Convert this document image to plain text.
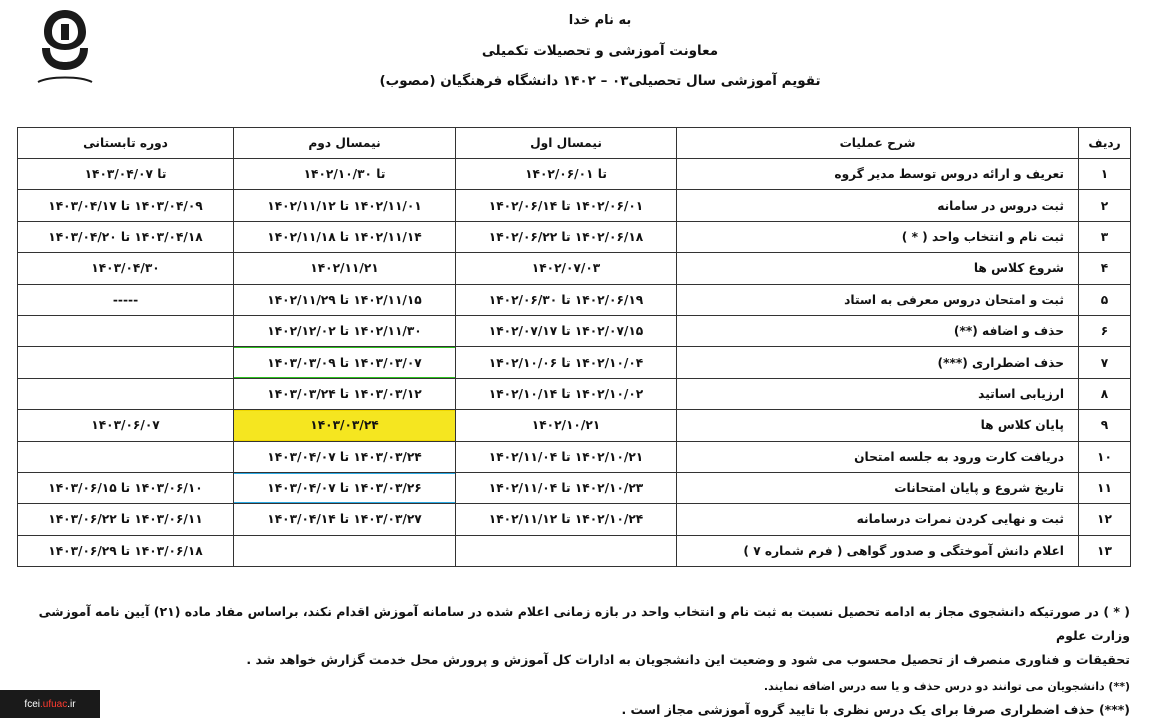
به نام خدا
معاونت آموزشی و تحصیلات تکمیلی
تقویم آموزشی سال تحصیلی۰۳ – ۱۴۰۲ دانشگاه فرهنگیان (مصوب)
ردیف	شرح عملیات	نیمسال اول	نیمسال دوم	دوره تابستانی
۱	تعریف و ارائه دروس توسط مدیر گروه	تا ۱۴۰۲/۰۶/۰۱	تا ۱۴۰۲/۱۰/۳۰	تا ۱۴۰۳/۰۴/۰۷
۲	ثبت دروس در سامانه	۱۴۰۲/۰۶/۰۱ تا ۱۴۰۲/۰۶/۱۴	۱۴۰۲/۱۱/۰۱ تا ۱۴۰۲/۱۱/۱۲	۱۴۰۳/۰۴/۰۹ تا ۱۴۰۳/۰۴/۱۷
۳	ثبت نام و انتخاب واحد ( * )	۱۴۰۲/۰۶/۱۸ تا ۱۴۰۲/۰۶/۲۲	۱۴۰۲/۱۱/۱۴ تا ۱۴۰۲/۱۱/۱۸	۱۴۰۳/۰۴/۱۸ تا ۱۴۰۳/۰۴/۲۰
۴	شروع کلاس ها	۱۴۰۲/۰۷/۰۳	۱۴۰۲/۱۱/۲۱	۱۴۰۳/۰۴/۳۰
۵	ثبت و امتحان دروس معرفی به استاد	۱۴۰۲/۰۶/۱۹ تا ۱۴۰۲/۰۶/۳۰	۱۴۰۲/۱۱/۱۵ تا ۱۴۰۲/۱۱/۲۹	-----
۶	حذف و اضافه (**)	۱۴۰۲/۰۷/۱۵ تا ۱۴۰۲/۰۷/۱۷	۱۴۰۲/۱۱/۳۰ تا ۱۴۰۲/۱۲/۰۲	
۷	حذف اضطراری (***)	۱۴۰۲/۱۰/۰۴ تا ۱۴۰۲/۱۰/۰۶	۱۴۰۳/۰۳/۰۷ تا ۱۴۰۳/۰۳/۰۹

۸	ارزیابی اساتید	۱۴۰۲/۱۰/۰۲ تا ۱۴۰۲/۱۰/۱۴	۱۴۰۳/۰۳/۱۲ تا ۱۴۰۳/۰۳/۲۴	
۹	پایان کلاس ها	۱۴۰۲/۱۰/۲۱	۱۴۰۳/۰۳/۲۴	۱۴۰۳/۰۶/۰۷
۱۰	دریافت کارت ورود به جلسه امتحان	۱۴۰۲/۱۰/۲۱ تا ۱۴۰۲/۱۱/۰۴	۱۴۰۳/۰۳/۲۴ تا ۱۴۰۳/۰۴/۰۷	
۱۱	تاریخ شروع و پایان امتحانات	۱۴۰۲/۱۰/۲۳ تا ۱۴۰۲/۱۱/۰۴	۱۴۰۳/۰۳/۲۶ تا ۱۴۰۳/۰۴/۰۷	۱۴۰۳/۰۶/۱۰ تا ۱۴۰۳/۰۶/۱۵
۱۲	ثبت و نهایی کردن نمرات درسامانه	۱۴۰۲/۱۰/۲۴ تا ۱۴۰۲/۱۱/۱۲	۱۴۰۳/۰۳/۲۷ تا ۱۴۰۳/۰۴/۱۴	۱۴۰۳/۰۶/۱۱ تا ۱۴۰۳/۰۶/۲۲
۱۳	اعلام دانش آموختگی و صدور گواهی ( فرم شماره ۷ )			۱۴۰۳/۰۶/۱۸ تا ۱۴۰۳/۰۶/۲۹

( * ) در صورتیکه دانشجوی مجاز به ادامه تحصیل نسبت به ثبت نام و انتخاب واحد در بازه زمانی اعلام شده در سامانه آموزش اقدام نکند، براساس مفاد ماده (۲۱) آیین نامه آموزشی وزارت علوم

تحقیقات و فناوری منصرف از تحصیل محسوب می شود و وضعیت این دانشجویان به ادارات کل آموزش و پرورش محل خدمت گزارش خواهد شد .

(**) دانشجویان می توانند دو درس حذف و یا سه درس اضافه نمایند.

(***) حذف اضطراری صرفا برای یک درس نظری با تایید گروه آموزشی مجاز است .

fcei .ufuac .ir
